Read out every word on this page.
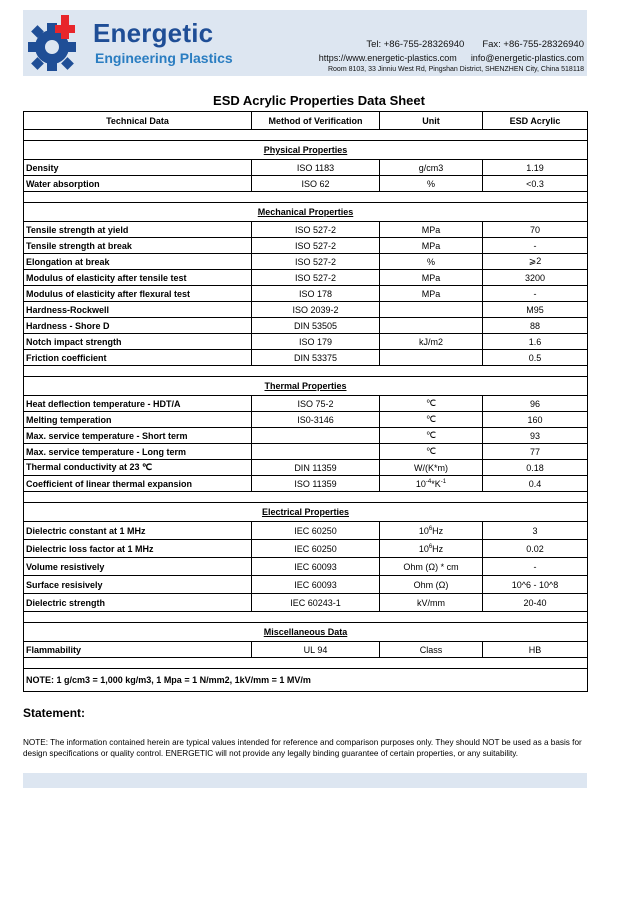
Energetic
Engineering Plastics
Tel: +86-755-28326940 Fax: +86-755-28326940
https://www.energetic-plastics.com info@energetic-plastics.com
Room 8103, 33 Jinniu West Rd, Pingshan District, SHENZHEN City, China 518118
ESD Acrylic Properties Data Sheet
Technical Data	Method of Verification	Unit	ESD Acrylic

Physical Properties			
Density	ISO 1183	g/cm3	1.19
Water absorption	ISO 62	%	<0.3

Mechanical Properties			
Tensile strength at yield	ISO 527-2	MPa	70
Tensile strength at break	ISO 527-2	MPa	-
Elongation at break	ISO 527-2	%	⩾2
Modulus of elasticity after tensile test	ISO 527-2	MPa	3200
Modulus of elasticity after flexural test	ISO 178	MPa	-
Hardness-Rockwell	ISO 2039-2		M95
Hardness - Shore D	DIN 53505		88
Notch impact strength	ISO 179	kJ/m2	1.6
Friction coefficient	DIN 53375		0.5

Thermal Properties			
Heat deflection temperature - HDT/A	ISO 75-2	℃	96
Melting temperation	IS0-3146	℃	160
Max. service temperature - Short term		℃	93
Max. service temperature - Long term		℃	77
Thermal conductivity at 23 ℃	DIN 11359	W/(K*m)	0.18
Coefficient of linear thermal expansion	ISO 11359	$10^{-4}*K^{-1}$	0.4

Electrical Properties			
Dielectric constant at 1 MHz	IEC 60250	$10^6Hz$	3
Dielectric loss factor at 1 MHz	IEC 60250	$10^6Hz$	0.02
Volume resistively	IEC 60093	Ohm (Ω) * cm	-
Surface resisively	IEC 60093	Ohm (Ω)	10^6 - 10^8
Dielectric strength	IEC 60243-1	kV/mm	20-40

Miscellaneous Data			
Flammability	UL 94	Class	HB

NOTE: 1 g/cm3 = 1,000 kg/m3, 1 Mpa = 1 N/mm2, 1kV/mm = 1 MV/m			
Statement:
NOTE: The information contained herein are typical values intended for reference and comparison purposes only. They should NOT be used as a basis for design specifications or quality control. ENERGETIC will not provide any legally binding guarantee of certain properties, or any suitability.
